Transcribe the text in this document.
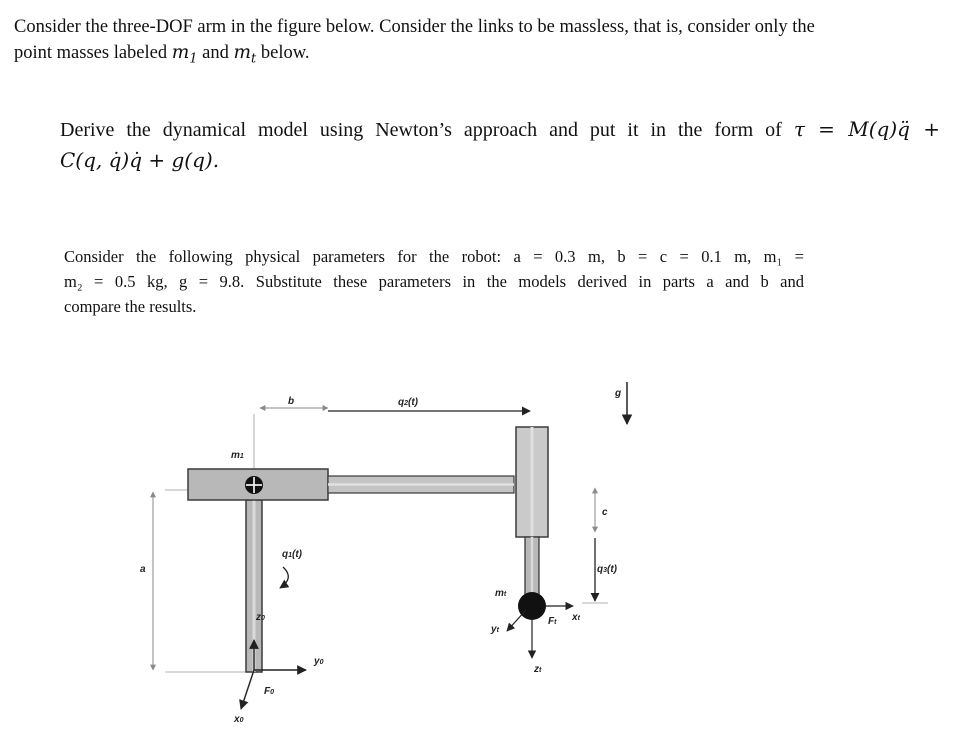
Consider the three-DOF arm in the figure below. Consider the links to be massless, that is, consider only the
point masses labeled $m_1$ and $m_t$ below.

Derive the dynamical model using Newton’s approach and put it in the form of τ = M(q)q̈ +
C(q, q̇)q̇ + g(q).

Consider the following physical parameters for the robot: a = 0.3 m, b = c = 0.1 m, m₁ =
m₂ = 0.5 kg, g = 9.8. Substitute these parameters in the models derived in parts a and b and
compare the results.

b	q2(t)
g
m1
c
a
q1(t)
q3(t)
mt
z0	Ft xt
yt
y0
zt
F0
x0
